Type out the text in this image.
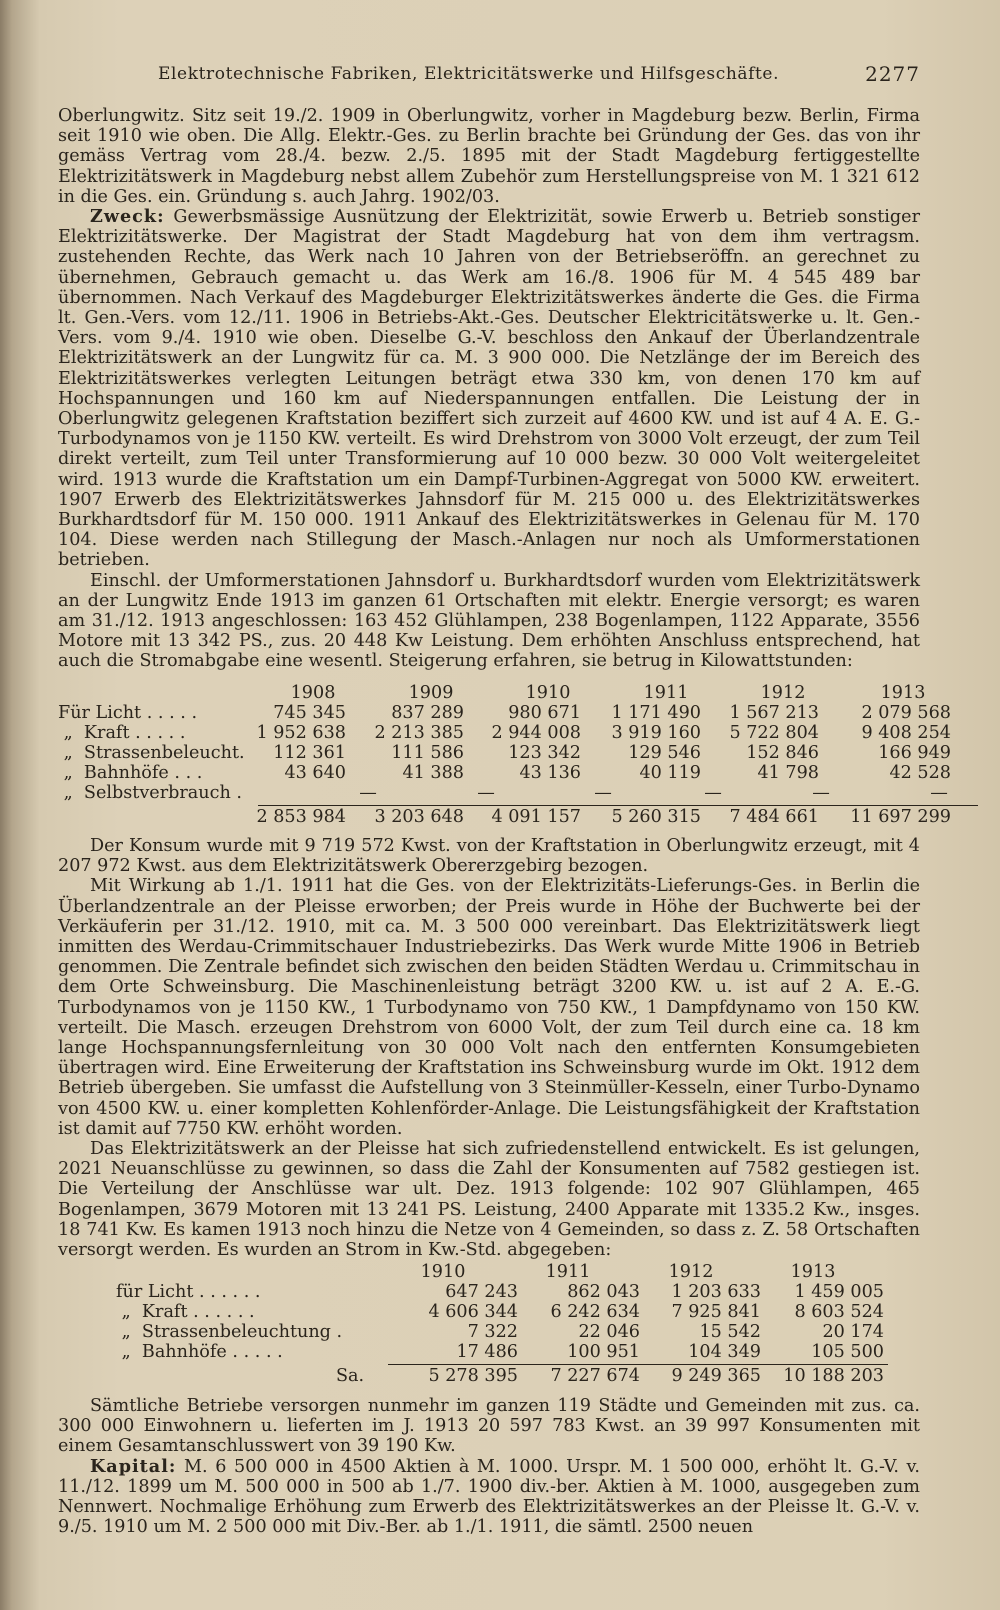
Elektrotechnische Fabriken, Elektricitätswerke und Hilfsgeschäfte.	2277

Oberlungwitz. Sitz seit 19./2. 1909 in Oberlungwitz, vorher in Magdeburg bezw. Berlin, Firma seit 1910 wie oben. Die Allg. Elektr.-Ges. zu Berlin brachte bei Gründung der Ges. das von ihr gemäss Vertrag vom 28./4. bezw. 2./5. 1895 mit der Stadt Magdeburg fertiggestellte Elektrizitätswerk in Magdeburg nebst allem Zubehör zum Herstellungspreise von M. 1 321 612 in die Ges. ein. Gründung s. auch Jahrg. 1902/03.

Zweck: Gewerbsmässige Ausnützung der Elektrizität, sowie Erwerb u. Betrieb sonstiger Elektrizitätswerke. Der Magistrat der Stadt Magdeburg hat von dem ihm vertragsm. zustehenden Rechte, das Werk nach 10 Jahren von der Betriebseröffn. an gerechnet zu übernehmen, Gebrauch gemacht u. das Werk am 16./8. 1906 für M. 4 545 489 bar übernommen. Nach Verkauf des Magdeburger Elektrizitätswerkes änderte die Ges. die Firma lt. Gen.-Vers. vom 12./11. 1906 in Betriebs-Akt.-Ges. Deutscher Elektricitätswerke u. lt. Gen.-Vers. vom 9./4. 1910 wie oben. Dieselbe G.-V. beschloss den Ankauf der Überlandzentrale Elektrizitätswerk an der Lungwitz für ca. M. 3 900 000. Die Netzlänge der im Bereich des Elektrizitätswerkes verlegten Leitungen beträgt etwa 330 km, von denen 170 km auf Hochspannungen und 160 km auf Niederspannungen entfallen. Die Leistung der in Oberlungwitz gelegenen Kraftstation beziffert sich zurzeit auf 4600 KW. und ist auf 4 A. E. G.-Turbodynamos von je 1150 KW. verteilt. Es wird Drehstrom von 3000 Volt erzeugt, der zum Teil direkt verteilt, zum Teil unter Transformierung auf 10 000 bezw. 30 000 Volt weitergeleitet wird. 1913 wurde die Kraftstation um ein Dampf-Turbinen-Aggregat von 5000 KW. erweitert. 1907 Erwerb des Elektrizitätswerkes Jahnsdorf für M. 215 000 u. des Elektrizitätswerkes Burkhardtsdorf für M. 150 000. 1911 Ankauf des Elektrizitätswerkes in Gelenau für M. 170 104. Diese werden nach Stillegung der Masch.-Anlagen nur noch als Umformerstationen betrieben.

Einschl. der Umformerstationen Jahnsdorf u. Burkhardtsdorf wurden vom Elektrizitätswerk an der Lungwitz Ende 1913 im ganzen 61 Ortschaften mit elektr. Energie versorgt; es waren am 31./12. 1913 angeschlossen: 163 452 Glühlampen, 238 Bogenlampen, 1122 Apparate, 3556 Motore mit 13 342 PS., zus. 20 448 Kw Leistung. Dem erhöhten Anschluss entsprechend, hat auch die Stromabgabe eine wesentl. Steigerung erfahren, sie betrug in Kilowattstunden:

1908	1909	1910	1911	1912	1913
Für Licht . . . . .	745 345	837 289	980 671	1 171 490	1 567 213	2 079 568
„  Kraft . . . . .	1 952 638	2 213 385	2 944 008	3 919 160	5 722 804	9 408 254
„  Strassenbeleucht.	112 361	111 586	123 342	129 546	152 846	166 949
„  Bahnhöfe . . .	43 640	41 388	43 136	40 119	41 798	42 528
„  Selbstverbrauch .	—	—	—	—	—	—
2 853 984	3 203 648	4 091 157	5 260 315	7 484 661	11 697 299

Der Konsum wurde mit 9 719 572 Kwst. von der Kraftstation in Oberlungwitz erzeugt, mit 4 207 972 Kwst. aus dem Elektrizitätswerk Obererzgebirg bezogen.

Mit Wirkung ab 1./1. 1911 hat die Ges. von der Elektrizitäts-Lieferungs-Ges. in Berlin die Überlandzentrale an der Pleisse erworben; der Preis wurde in Höhe der Buchwerte bei der Verkäuferin per 31./12. 1910, mit ca. M. 3 500 000 vereinbart. Das Elektrizitätswerk liegt inmitten des Werdau-Crimmitschauer Industriebezirks. Das Werk wurde Mitte 1906 in Betrieb genommen. Die Zentrale befindet sich zwischen den beiden Städten Werdau u. Crimmitschau in dem Orte Schweinsburg. Die Maschinenleistung beträgt 3200 KW. u. ist auf 2 A. E.-G. Turbodynamos von je 1150 KW., 1 Turbodynamo von 750 KW., 1 Dampfdynamo von 150 KW. verteilt. Die Masch. erzeugen Drehstrom von 6000 Volt, der zum Teil durch eine ca. 18 km lange Hochspannungsfernleitung von 30 000 Volt nach den entfernten Konsumgebieten übertragen wird. Eine Erweiterung der Kraftstation ins Schweinsburg wurde im Okt. 1912 dem Betrieb übergeben. Sie umfasst die Aufstellung von 3 Steinmüller-Kesseln, einer Turbo-Dynamo von 4500 KW. u. einer kompletten Kohlenförder-Anlage. Die Leistungsfähigkeit der Kraftstation ist damit auf 7750 KW. erhöht worden.

Das Elektrizitätswerk an der Pleisse hat sich zufriedenstellend entwickelt. Es ist gelungen, 2021 Neuanschlüsse zu gewinnen, so dass die Zahl der Konsumenten auf 7582 gestiegen ist. Die Verteilung der Anschlüsse war ult. Dez. 1913 folgende: 102 907 Glühlampen, 465 Bogenlampen, 3679 Motoren mit 13 241 PS. Leistung, 2400 Apparate mit 1335.2 Kw., insges. 18 741 Kw. Es kamen 1913 noch hinzu die Netze von 4 Gemeinden, so dass z. Z. 58 Ortschaften versorgt werden. Es wurden an Strom in Kw.-Std. abgegeben:

1910	1911	1912	1913
für Licht . . . . . .	647 243	862 043	1 203 633	1 459 005
„  Kraft . . . . . .	4 606 344	6 242 634	7 925 841	8 603 524
„  Strassenbeleuchtung .	7 322	22 046	15 542	20 174
„  Bahnhöfe . . . . .	17 486	100 951	104 349	105 500
Sa.	5 278 395	7 227 674	9 249 365	10 188 203

Sämtliche Betriebe versorgen nunmehr im ganzen 119 Städte und Gemeinden mit zus. ca. 300 000 Einwohnern u. lieferten im J. 1913 20 597 783 Kwst. an 39 997 Konsumenten mit einem Gesamtanschlusswert von 39 190 Kw.

Kapital: M. 6 500 000 in 4500 Aktien à M. 1000. Urspr. M. 1 500 000, erhöht lt. G.-V. v. 11./12. 1899 um M. 500 000 in 500 ab 1./7. 1900 div.-ber. Aktien à M. 1000, ausgegeben zum Nennwert. Nochmalige Erhöhung zum Erwerb des Elektrizitätswerkes an der Pleisse lt. G.-V. v. 9./5. 1910 um M. 2 500 000 mit Div.-Ber. ab 1./1. 1911, die sämtl. 2500 neuen
